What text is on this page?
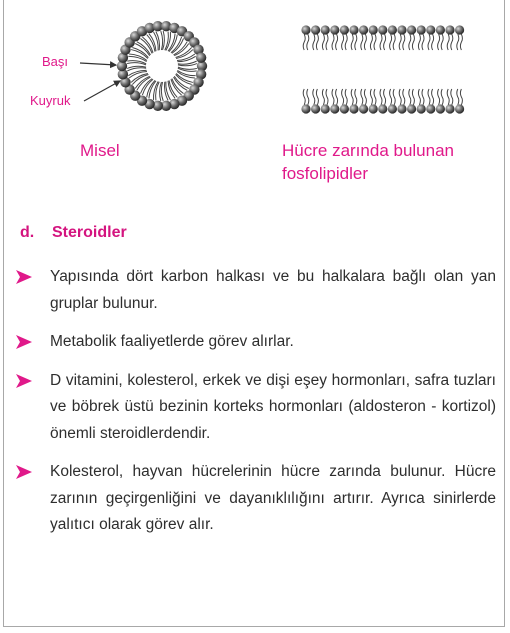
Başı
Kuyruk
Misel	Hücre zarında bulunan
fosfolipidler
d. Steroidler
Yapısında dört karbon halkası ve bu halkalara bağlı olan yan gruplar bulunur.
Metabolik faaliyetlerde görev alırlar.
D vitamini, kolesterol, erkek ve dişi eşey hormonları, safra tuzları ve böbrek üstü bezinin korteks hormonları (aldosteron - kortizol) önemli steroidlerdendir.
Kolesterol, hayvan hücrelerinin hücre zarında bulunur. Hücre zarının geçirgenliğini ve dayanıklılığını artırır. Ayrıca sinirlerde yalıtıcı olarak görev alır.
